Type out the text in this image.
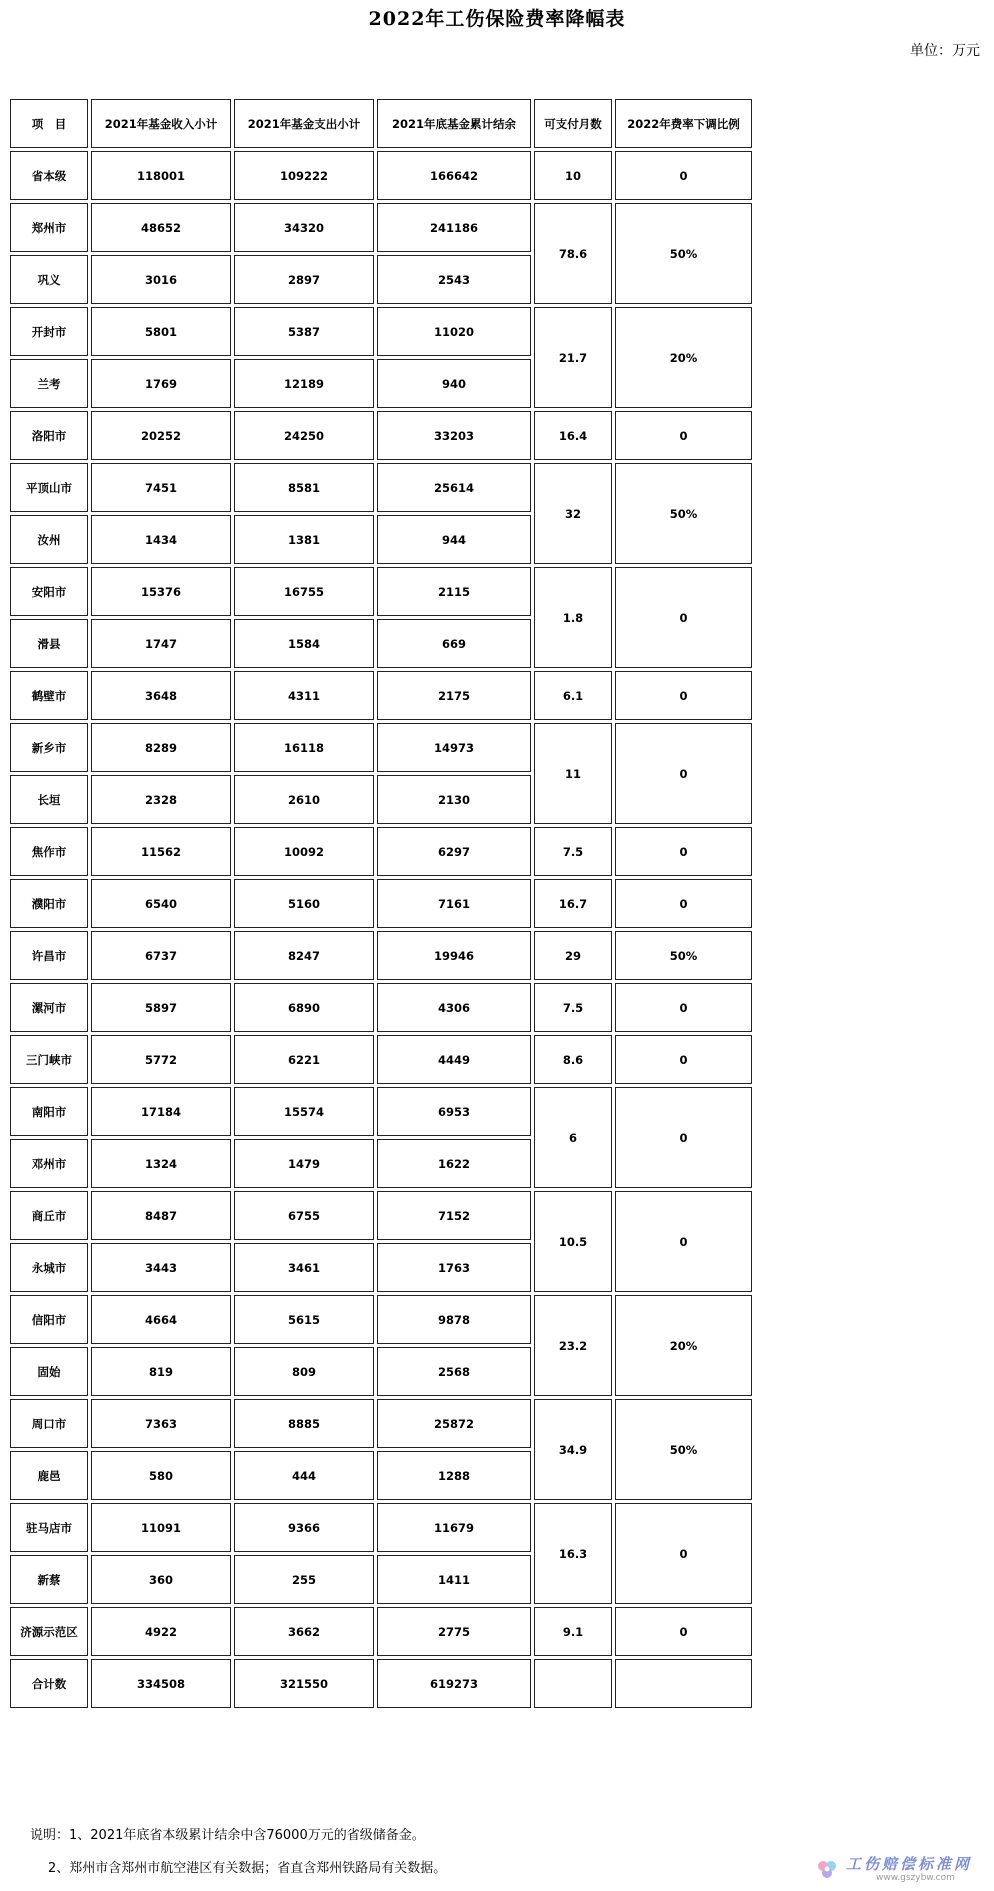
2022年工伤保险费率降幅表
单位：万元
项　目	2021年基金收入小计	2021年基金支出小计	2021年底基金累计结余	可支付月数	2022年费率下调比例
省本级	118001	109222	166642	10	0
郑州市	48652	34320	241186	78.6	50%
巩义	3016	2897	2543		
开封市	5801	5387	11020	21.7	20%
兰考	1769	12189	940		
洛阳市	20252	24250	33203	16.4	0
平顶山市	7451	8581	25614	32	50%
汝州	1434	1381	944		
安阳市	15376	16755	2115	1.8	0
滑县	1747	1584	669		
鹤壁市	3648	4311	2175	6.1	0
新乡市	8289	16118	14973	11	0
长垣	2328	2610	2130		
焦作市	11562	10092	6297	7.5	0
濮阳市	6540	5160	7161	16.7	0
许昌市	6737	8247	19946	29	50%
漯河市	5897	6890	4306	7.5	0
三门峡市	5772	6221	4449	8.6	0
南阳市	17184	15574	6953	6	0
邓州市	1324	1479	1622		
商丘市	8487	6755	7152	10.5	0
永城市	3443	3461	1763		
信阳市	4664	5615	9878	23.2	20%
固始	819	809	2568		
周口市	7363	8885	25872	34.9	50%
鹿邑	580	444	1288		
驻马店市	11091	9366	11679	16.3	0
新蔡	360	255	1411		
济源示范区	4922	3662	2775	9.1	0
合计数	334508	321550	619273		
说明：1、2021年底省本级累计结余中含76000万元的省级储备金。
2、郑州市含郑州市航空港区有关数据；省直含郑州铁路局有关数据。	工伤赔偿标准网
www.gszybw.com
